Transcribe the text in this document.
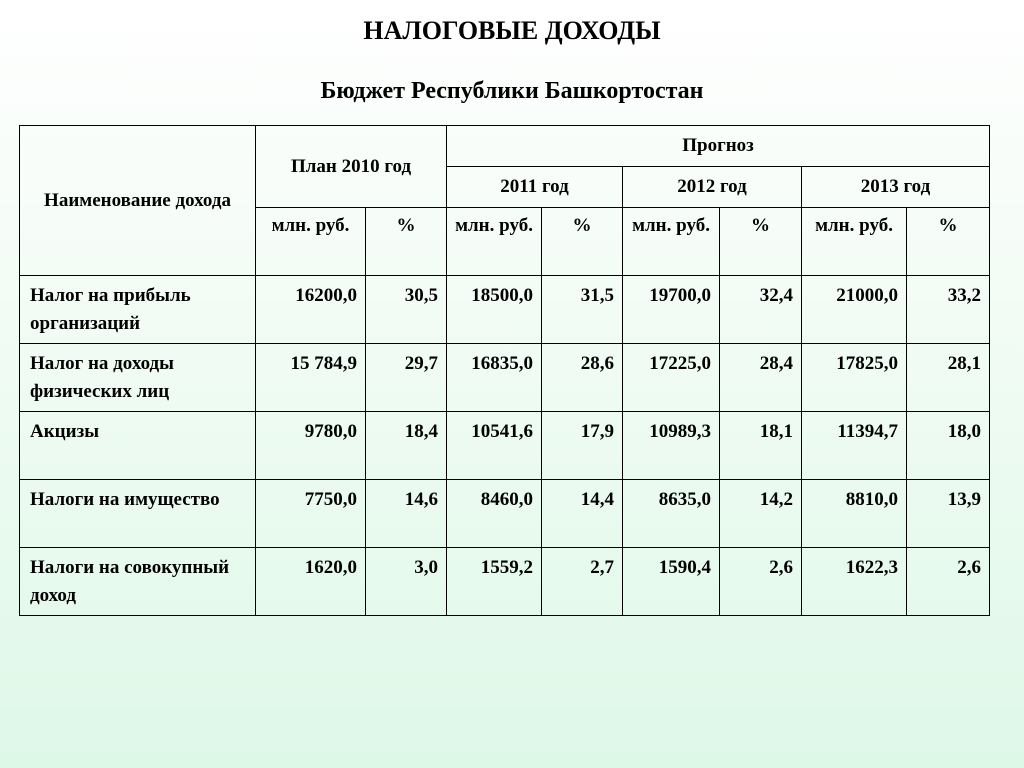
НАЛОГОВЫЕ ДОХОДЫ
Бюджет Республики Башкортостан
Наименование дохода	План 2010 год		Прогноз					
			2011 год		2012 год		2013 год	
	млн. руб.	%	млн. руб.	%	млн. руб.	%	млн. руб.	%
Налог на прибыль организаций	16200,0	30,5	18500,0	31,5	19700,0	32,4	21000,0	33,2
Налог на доходы физических лиц	15 784,9	29,7	16835,0	28,6	17225,0	28,4	17825,0	28,1
Акцизы	9780,0	18,4	10541,6	17,9	10989,3	18,1	11394,7	18,0
Налоги на имущество	7750,0	14,6	8460,0	14,4	8635,0	14,2	8810,0	13,9
Налоги на совокупный доход	1620,0	3,0	1559,2	2,7	1590,4	2,6	1622,3	2,6
